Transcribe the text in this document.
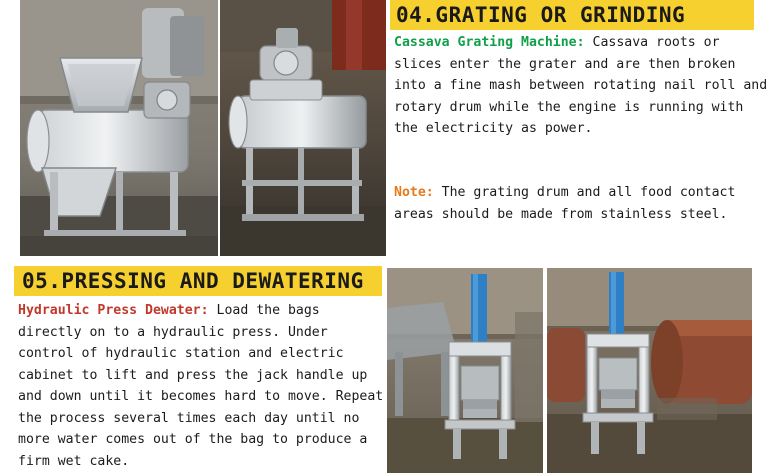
04.GRATING OR GRINDING
Cassava Grating Machine: Cassava roots or slices enter the grater and are then broken into a fine mash between rotating nail roll and rotary drum while the engine is running with the electricity as power.
Note: The grating drum and all food contact areas should be made from stainless steel.
05.PRESSING AND DEWATERING
Hydraulic Press Dewater: Load the bags directly on to a hydraulic press. Under control of hydraulic station and electric cabinet to lift and press the jack handle up and down until it becomes hard to move. Repeat the process several times each day until no more water comes out of the bag to produce a firm wet cake.
